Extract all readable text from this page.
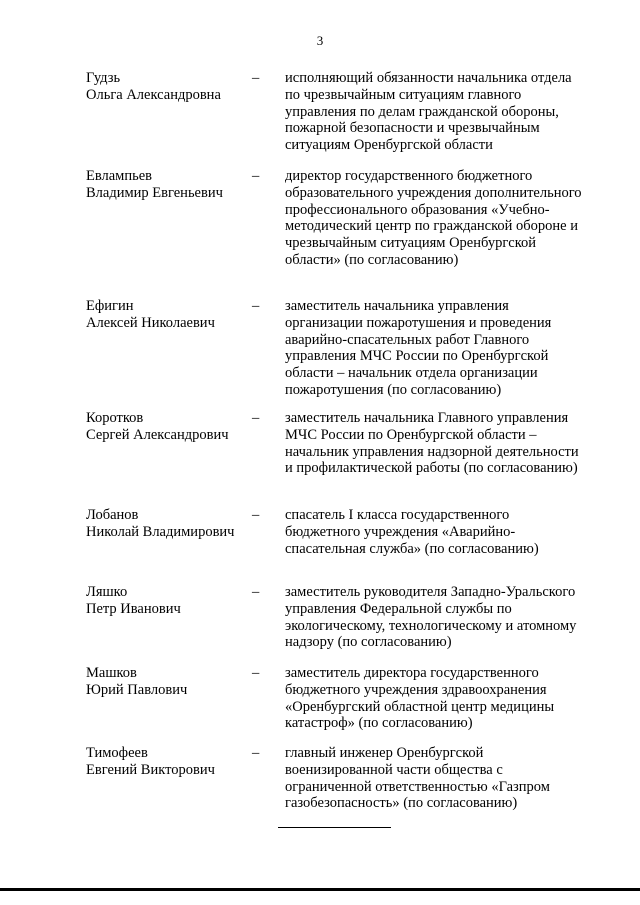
3
Гудзь
Ольга Александровна
– исполняющий обязанности начальника отдела по чрезвычайным ситуациям главного управления по делам гражданской обороны, пожарной безопасности и чрезвычайным ситуациям Оренбургской области
Евлампьев
Владимир Евгеньевич
– директор государственного бюджетного образовательного учреждения дополнительного профессионального образования «Учебно-методический центр по гражданской обороне и чрезвычайным ситуациям Оренбургской области» (по согласованию)
Ефигин
Алексей Николаевич
– заместитель начальника управления организации пожаротушения и проведения аварийно-спасательных работ Главного управления МЧС России по Оренбургской области – начальник отдела организации пожаротушения (по согласованию)
Коротков
Сергей Александрович
– заместитель начальника Главного управления МЧС России по Оренбургской области – начальник управления надзорной деятельности и профилактической работы (по согласованию)
Лобанов
Николай Владимирович
– спасатель I класса государственного бюджетного учреждения «Аварийно-спасательная служба» (по согласованию)
Ляшко
Петр Иванович
– заместитель руководителя Западно-Уральского управления Федеральной службы по экологическому, технологическому и атомному надзору (по согласованию)
Машков
Юрий Павлович
– заместитель директора государственного бюджетного учреждения здравоохранения «Оренбургский областной центр медицины катастроф» (по согласованию)
Тимофеев
Евгений Викторович
– главный инженер Оренбургской военизированной части общества с ограниченной ответственностью «Газпром газобезопасность» (по согласованию)
